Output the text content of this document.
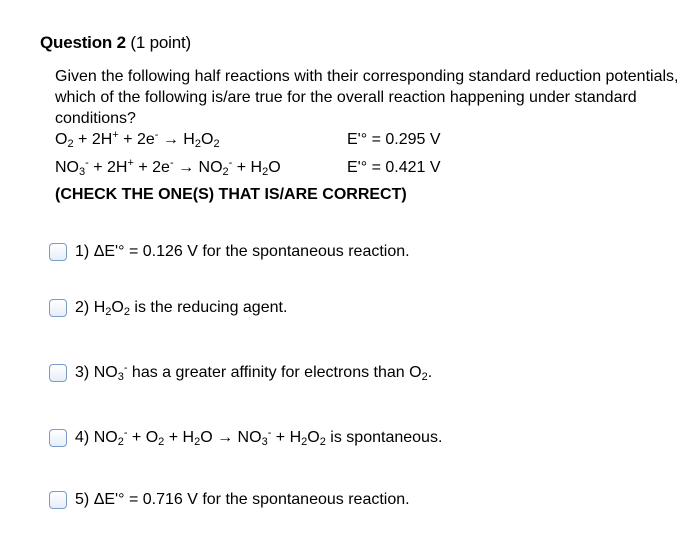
Question 2 (1 point)

Given the following half reactions with their corresponding standard reduction potentials, which of the following is/are true for the overall reaction happening under standard conditions?

$O_2 + 2H^+ + 2e^- \to H_2O_2$	E'° = 0.295 V
$NO_3^- + 2H^+ + 2e^- \to NO_2^- + H_2O$	E'° = 0.421 V
(CHECK THE ONE(S) THAT IS/ARE CORRECT)
1)
ΔE'° = 0.126 V for the spontaneous reaction.
2)
$H_2O_2$ is the reducing agent.
3)
$NO_3^-$ has a greater affinity for electrons than $O_2$.
4)
$NO_2^- + O_2 + H_2O \to NO_3^- + H_2O_2$ is spontaneous.
5)
ΔE'° = 0.716 V for the spontaneous reaction.
